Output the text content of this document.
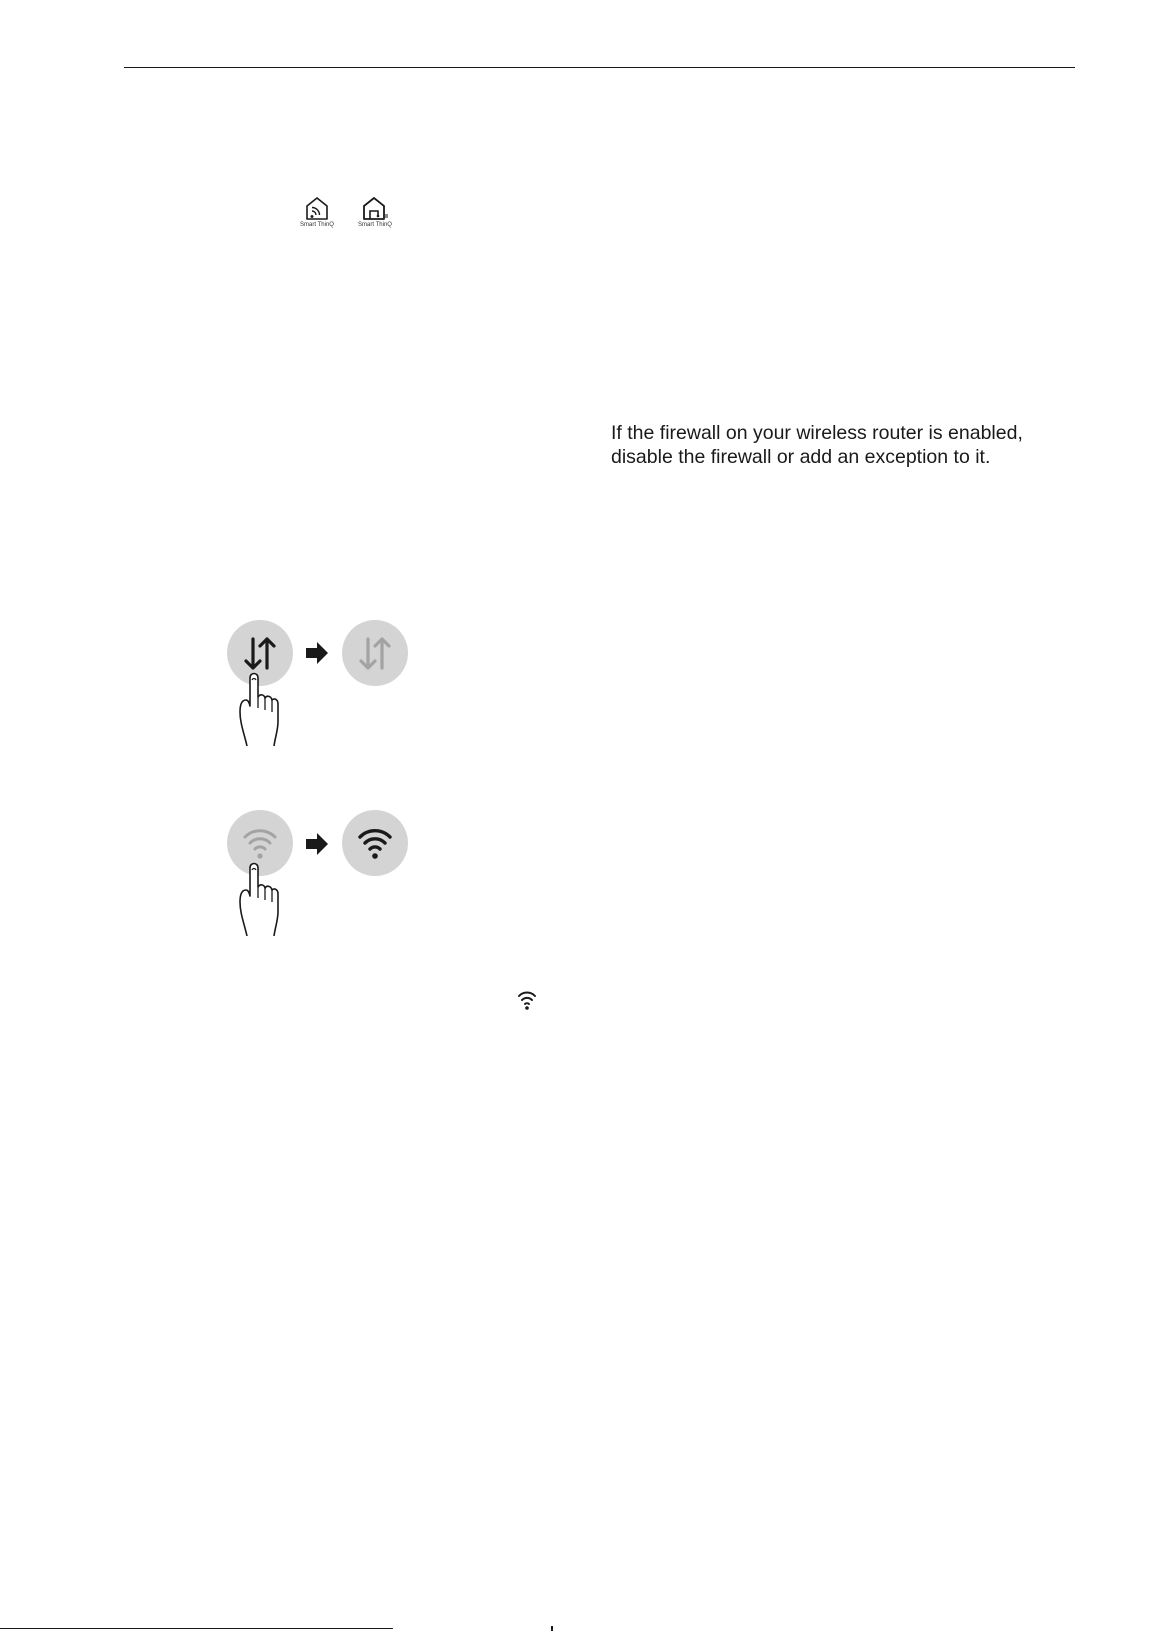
Smart ThinQ	Smart ThinQ

If the firewall on your wireless router is enabled, disable the firewall or add an exception to it.
